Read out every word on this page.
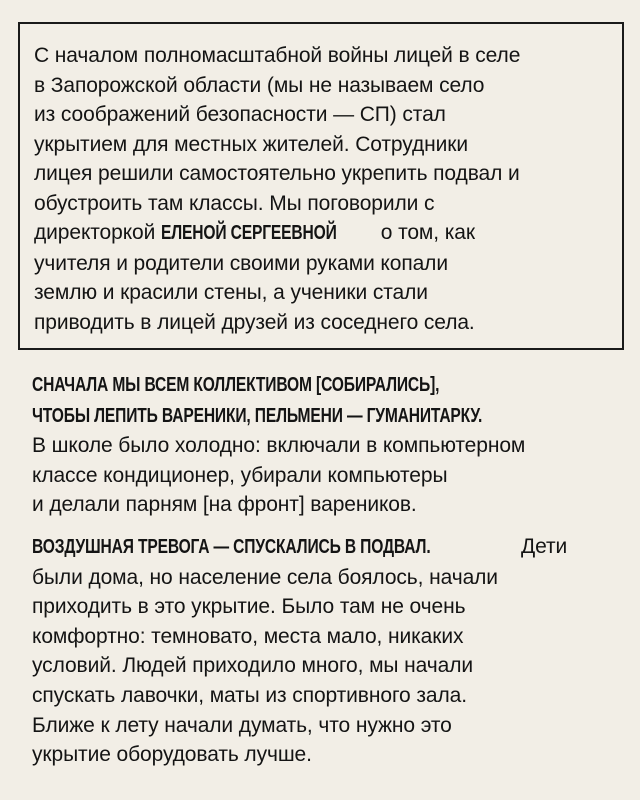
С началом полномасштабной войны лицей в селе
в Запорожской области (мы не называем село
из соображений безопасности — СП) стал
укрытием для местных жителей. Сотрудники
лицея решили самостоятельно укрепить подвал и
обустроить там классы. Мы поговорили с
директоркой ЕЛЕНОЙ СЕРГЕЕВНОЙ о том, как
учителя и родители своими руками копали
землю и красили стены, а ученики стали
приводить в лицей друзей из соседнего села.
СНАЧАЛА МЫ ВСЕМ КОЛЛЕКТИВОМ [СОБИРАЛИСЬ],
ЧТОБЫ ЛЕПИТЬ ВАРЕНИКИ, ПЕЛЬМЕНИ — ГУМАНИТАРКУ.
В школе было холодно: включали в компьютерном
классе кондиционер, убирали компьютеры
и делали парням [на фронт] вареников.
ВОЗДУШНАЯ ТРЕВОГА — СПУСКАЛИСЬ В ПОДВАЛ.	Дети
были дома, но население села боялось, начали
приходить в это укрытие. Было там не очень
комфортно: темновато, места мало, никаких
условий. Людей приходило много, мы начали
спускать лавочки, маты из спортивного зала.
Ближе к лету начали думать, что нужно это
укрытие оборудовать лучше.
